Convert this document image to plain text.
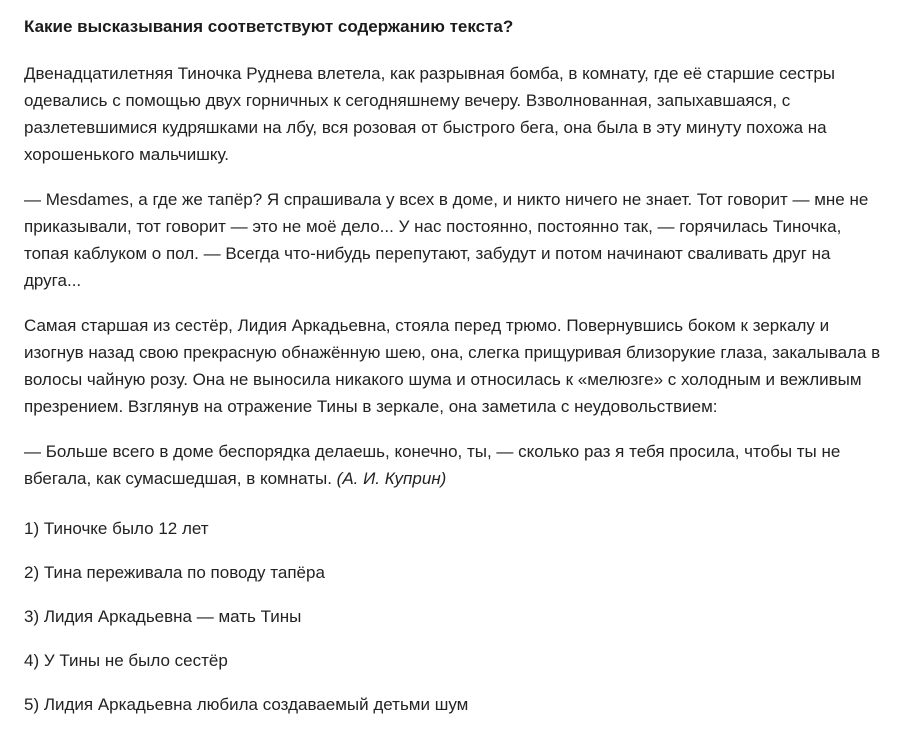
Какие высказывания соответствуют содержанию текста?
Двенадцатилетняя Тиночка Руднева влетела, как разрывная бомба, в комнату, где её старшие сестры одевались с помощью двух горничных к сегодняшнему вечеру. Взволнованная, запыхавшаяся, с разлетевшимися кудряшками на лбу, вся розовая от быстрого бега, она была в эту минуту похожа на хорошенького мальчишку.
— Mesdames, а где же тапёр? Я спрашивала у всех в доме, и никто ничего не знает. Тот говорит — мне не приказывали, тот говорит — это не моё дело... У нас постоянно, постоянно так, — горячилась Тиночка, топая каблуком о пол. — Всегда что-нибудь перепутают, забудут и потом начинают сваливать друг на друга...
Самая старшая из сестёр, Лидия Аркадьевна, стояла перед трюмо. Повернувшись боком к зеркалу и изогнув назад свою прекрасную обнажённую шею, она, слегка прищуривая близорукие глаза, закалывала в волосы чайную розу. Она не выносила никакого шума и относилась к «мелюзге» с холодным и вежливым презрением. Взглянув на отражение Тины в зеркале, она заметила с неудовольствием:
— Больше всего в доме беспорядка делаешь, конечно, ты, — сколько раз я тебя просила, чтобы ты не вбегала, как сумасшедшая, в комнаты. (А. И. Куприн)
1) Тиночке было 12 лет
2) Тина переживала по поводу тапёра
3) Лидия Аркадьевна — мать Тины
4) У Тины не было сестёр
5) Лидия Аркадьевна любила создаваемый детьми шум
